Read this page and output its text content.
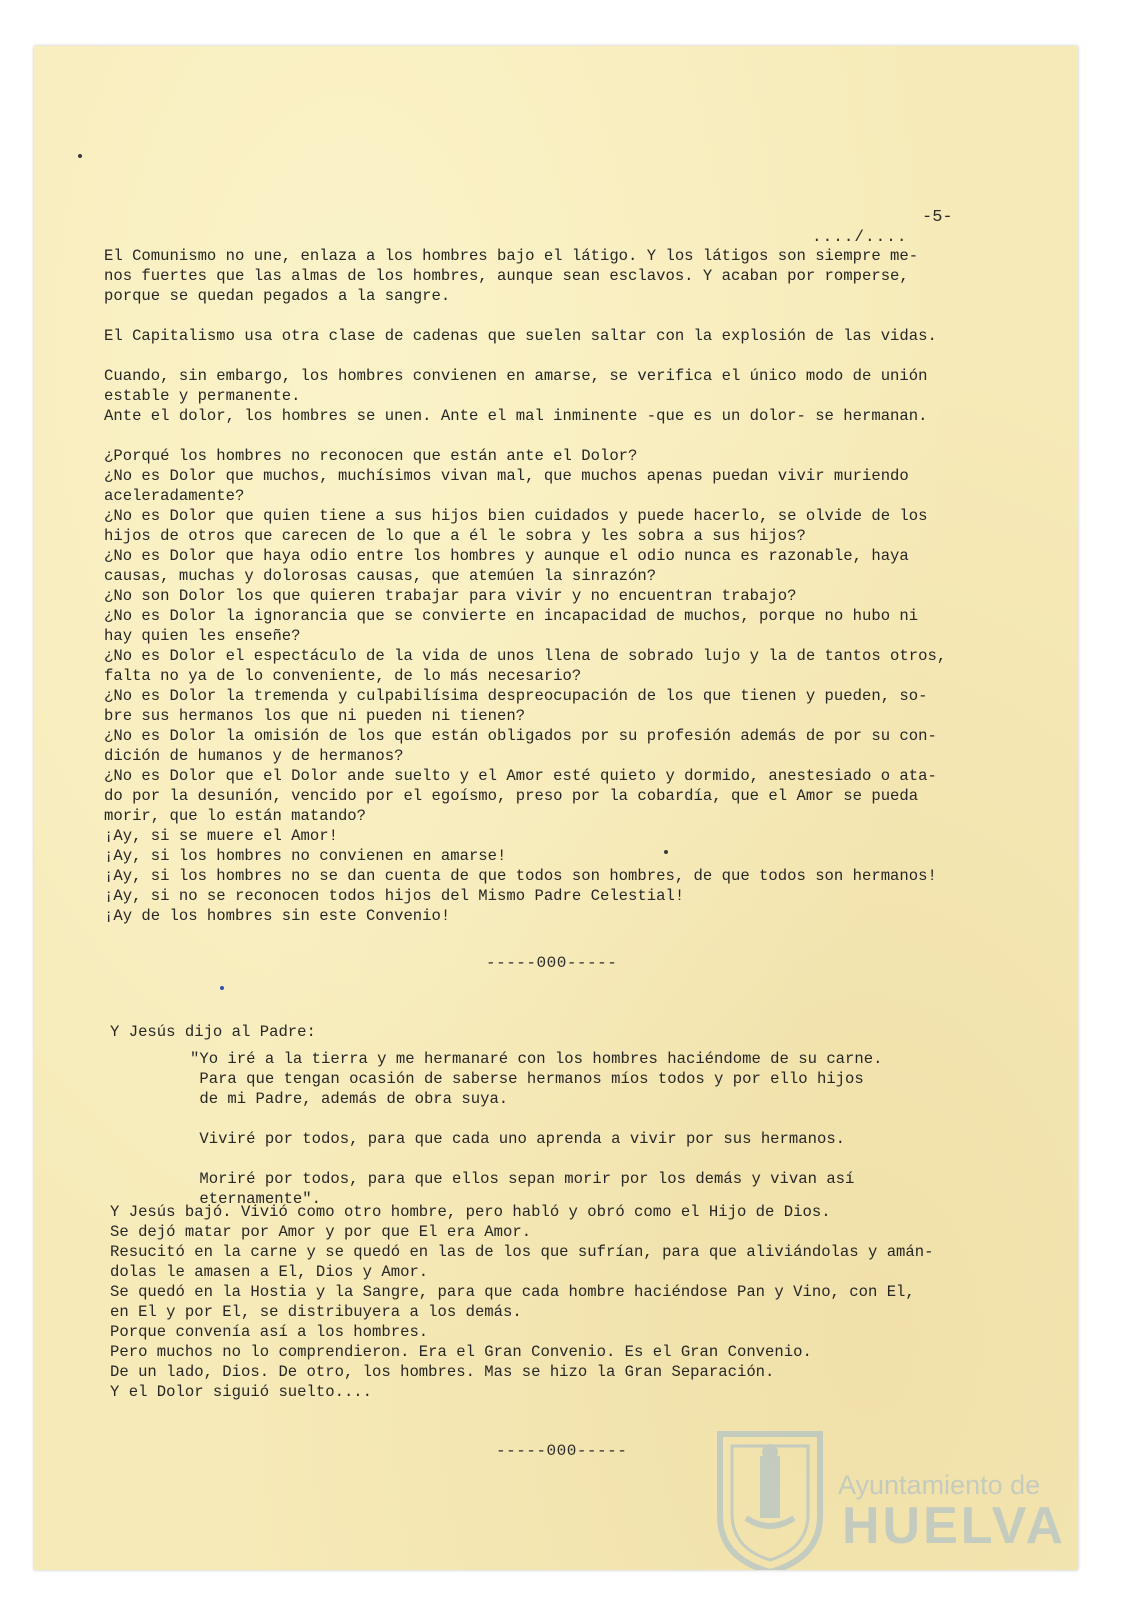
-5-
..../....
El Comunismo no une, enlaza a los hombres bajo el látigo. Y los látigos son siempre me-
nos fuertes que las almas de los hombres, aunque sean esclavos. Y acaban por romperse,
porque se quedan pegados a la sangre.
El Capitalismo usa otra clase de cadenas que suelen saltar con la explosión de las vidas.
Cuando, sin embargo, los hombres convienen en amarse, se verifica el único modo de unión
estable y permanente.
Ante el dolor, los hombres se unen. Ante el mal inminente -que es un dolor- se hermanan.
¿Porqué los hombres no reconocen que están ante el Dolor?
¿No es Dolor que muchos, muchísimos vivan mal, que muchos apenas puedan vivir muriendo
aceleradamente?
¿No es Dolor que quien tiene a sus hijos bien cuidados y puede hacerlo, se olvide de los
hijos de otros que carecen de lo que a él le sobra y les sobra a sus hijos?
¿No es Dolor que haya odio entre los hombres y aunque el odio nunca es razonable, haya
causas, muchas y dolorosas causas, que atemúen la sinrazón?
¿No son Dolor los que quieren trabajar para vivir y no encuentran trabajo?
¿No es Dolor la ignorancia que se convierte en incapacidad de muchos, porque no hubo ni
hay quien les enseñe?
¿No es Dolor el espectáculo de la vida de unos llena de sobrado lujo y la de tantos otros,
falta no ya de lo conveniente, de lo más necesario?
¿No es Dolor la tremenda y culpabilísima despreocupación de los que tienen y pueden, so-
bre sus hermanos los que ni pueden ni tienen?
¿No es Dolor la omisión de los que están obligados por su profesión además de por su con-
dición de humanos y de hermanos?
¿No es Dolor que el Dolor ande suelto y el Amor esté quieto y dormido, anestesiado o ata-
do por la desunión, vencido por el egoísmo, preso por la cobardía, que el Amor se pueda
morir, que lo están matando?
¡Ay, si se muere el Amor!
¡Ay, si los hombres no convienen en amarse!
¡Ay, si los hombres no se dan cuenta de que todos son hombres, de que todos son hermanos!
¡Ay, si no se reconocen todos hijos del Mismo Padre Celestial!
¡Ay de los hombres sin este Convenio!
-----000-----
Y Jesús dijo al Padre:
"Yo iré a la tierra y me hermanaré con los hombres haciéndome de su carne.
Para que tengan ocasión de saberse hermanos míos todos y por ello hijos
de mi Padre, además de obra suya.
Viviré por todos, para que cada uno aprenda a vivir por sus hermanos.
Moriré por todos, para que ellos sepan morir por los demás y vivan así
eternamente".
Y Jesús bajó. Vivió como otro hombre, pero habló y obró como el Hijo de Dios.
Se dejó matar por Amor y por que El era Amor.
Resucitó en la carne y se quedó en las de los que sufrían, para que aliviándolas y amán-
dolas le amasen a El, Dios y Amor.
Se quedó en la Hostia y la Sangre, para que cada hombre haciéndose Pan y Vino, con El,
en El y por El, se distribuyera a los demás.
Porque convenía así a los hombres.
Pero muchos no lo comprendieron. Era el Gran Convenio. Es el Gran Convenio.
De un lado, Dios. De otro, los hombres. Mas se hizo la Gran Separación.
Y el Dolor siguió suelto....
-----000-----
Ayuntamiento de
HUELVA
